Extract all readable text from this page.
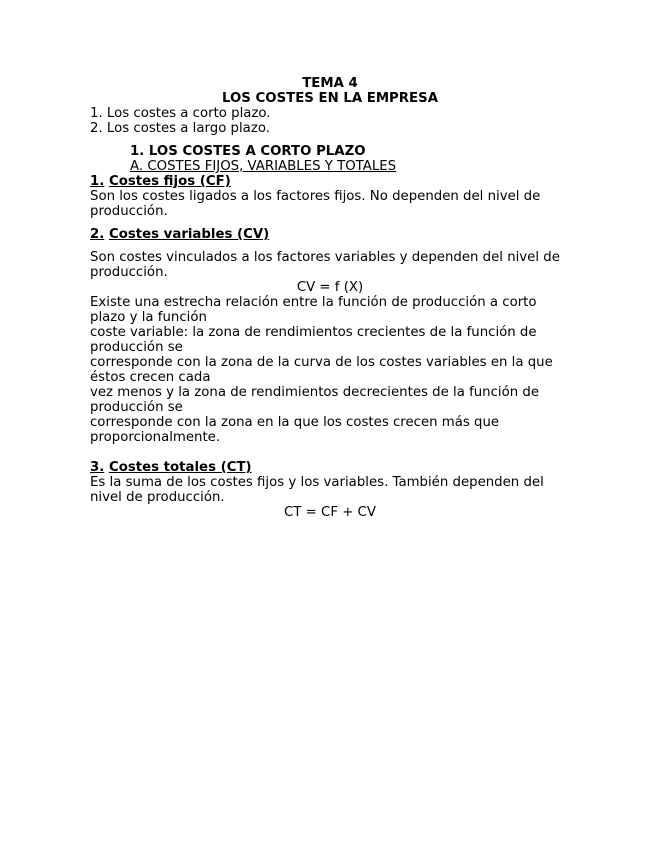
TEMA 4

LOS COSTES EN LA EMPRESA

1. Los costes a corto plazo.

2. Los costes a largo plazo.

1. LOS COSTES A CORTO PLAZO

A. COSTES FIJOS, VARIABLES Y TOTALES

1. Costes fijos (CF)

Son los costes ligados a los factores fijos. No dependen del nivel de producción.

2. Costes variables (CV)

Son costes vinculados a los factores variables y dependen del nivel de producción.

CV = f (X)

Existe una estrecha relación entre la función de producción a corto plazo y la función

coste variable: la zona de rendimientos crecientes de la función de producción se

corresponde con la zona de la curva de los costes variables en la que éstos crecen cada

vez menos y la zona de rendimientos decrecientes de la función de producción se

corresponde con la zona en la que los costes crecen más que proporcionalmente.

3. Costes totales (CT)

Es la suma de los costes fijos y los variables. También dependen del nivel de producción.

CT = CF + CV
